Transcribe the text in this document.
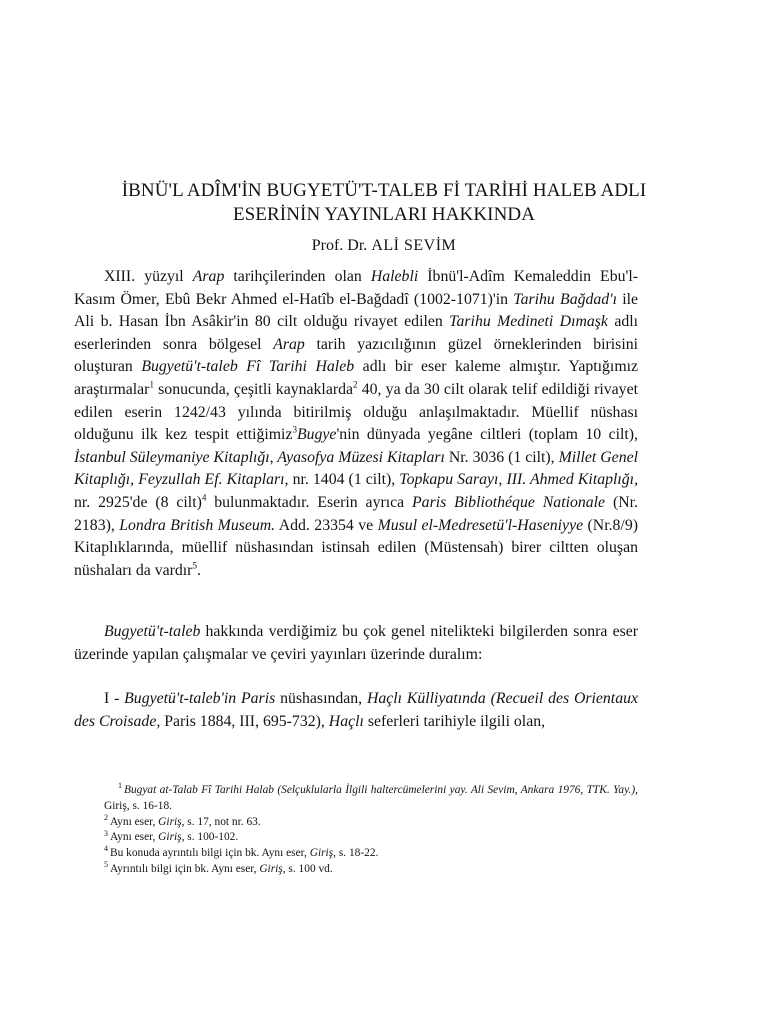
İBNÜ'L ADÎM'İN BUGYETÜ'T-TALEB Fİ TARİHİ HALEB ADLI
ESERİNİN YAYINLARI HAKKINDA
Prof. Dr. ALİ SEVİM

XIII. yüzyıl Arap tarihçilerinden olan Halebli İbnü'l-Adîm Kemaleddin Ebu'l-Kasım Ömer, Ebû Bekr Ahmed el-Hatîb el-Bağdadî (1002-1071)'in Tarihu Bağdad'ı ile Ali b. Hasan İbn Asâkir'in 80 cilt olduğu rivayet edilen Tarihu Medineti Dımaşk adlı eserlerinden sonra bölgesel Arap tarih yazıcılığının güzel örneklerinden birisini oluşturan Bugyetü't-taleb Fî Tarihi Haleb adlı bir eser kaleme almıştır. Yaptığımız araştırmalar$^1$ sonucunda, çeşitli kaynaklarda$^2$ 40, ya da 30 cilt olarak telif edildiği rivayet edilen eserin 1242/43 yılında bitirilmiş olduğu anlaşılmaktadır. Müellif nüshası olduğunu ilk kez tespit ettiğimiz$^3$Bugye'nin dünyada yegâne ciltleri (toplam 10 cilt), İstanbul Süleymaniye Kitaplığı, Ayasofya Müzesi Kitapları Nr. 3036 (1 cilt), Millet Genel Kitaplığı, Feyzullah Ef. Kitapları, nr. 1404 (1 cilt), Topkapu Sarayı, III. Ahmed Kitaplığı, nr. 2925'de (8 cilt)$^4$ bulunmaktadır. Eserin ayrıca Paris Bibliothéque Nationale (Nr. 2183), Londra British Museum. Add. 23354 ve Musul el-Medresetü'l-Haseniyye (Nr.8/9) Kitaplıklarında, müellif nüshasından istinsah edilen (Müstensah) birer ciltten oluşan nüshaları da vardır$^5$.

Bugyetü't-taleb hakkında verdiğimiz bu çok genel nitelikteki bilgilerden sonra eser üzerinde yapılan çalışmalar ve çeviri yayınları üzerinde duralım:

I - Bugyetü't-taleb'in Paris nüshasından, Haçlı Külliyatında (Recueil des Orientaux des Croisade, Paris 1884, III, 695-732), Haçlı seferleri tarihiyle ilgili olan,

$^1$ Bugyat at-Talab Fî Tarihi Halab (Selçuklularla İlgili haltercümelerini yay. Ali Sevim, Ankara 1976, TTK. Yay.), Giriş, s. 16-18.

$^2$ Aynı eser, Giriş, s. 17, not nr. 63.

$^3$ Aynı eser, Giriş, s. 100-102.

$^4$ Bu konuda ayrıntılı bilgi için bk. Aynı eser, Giriş, s. 18-22.

$^5$ Ayrıntılı bilgi için bk. Aynı eser, Giriş, s. 100 vd.
